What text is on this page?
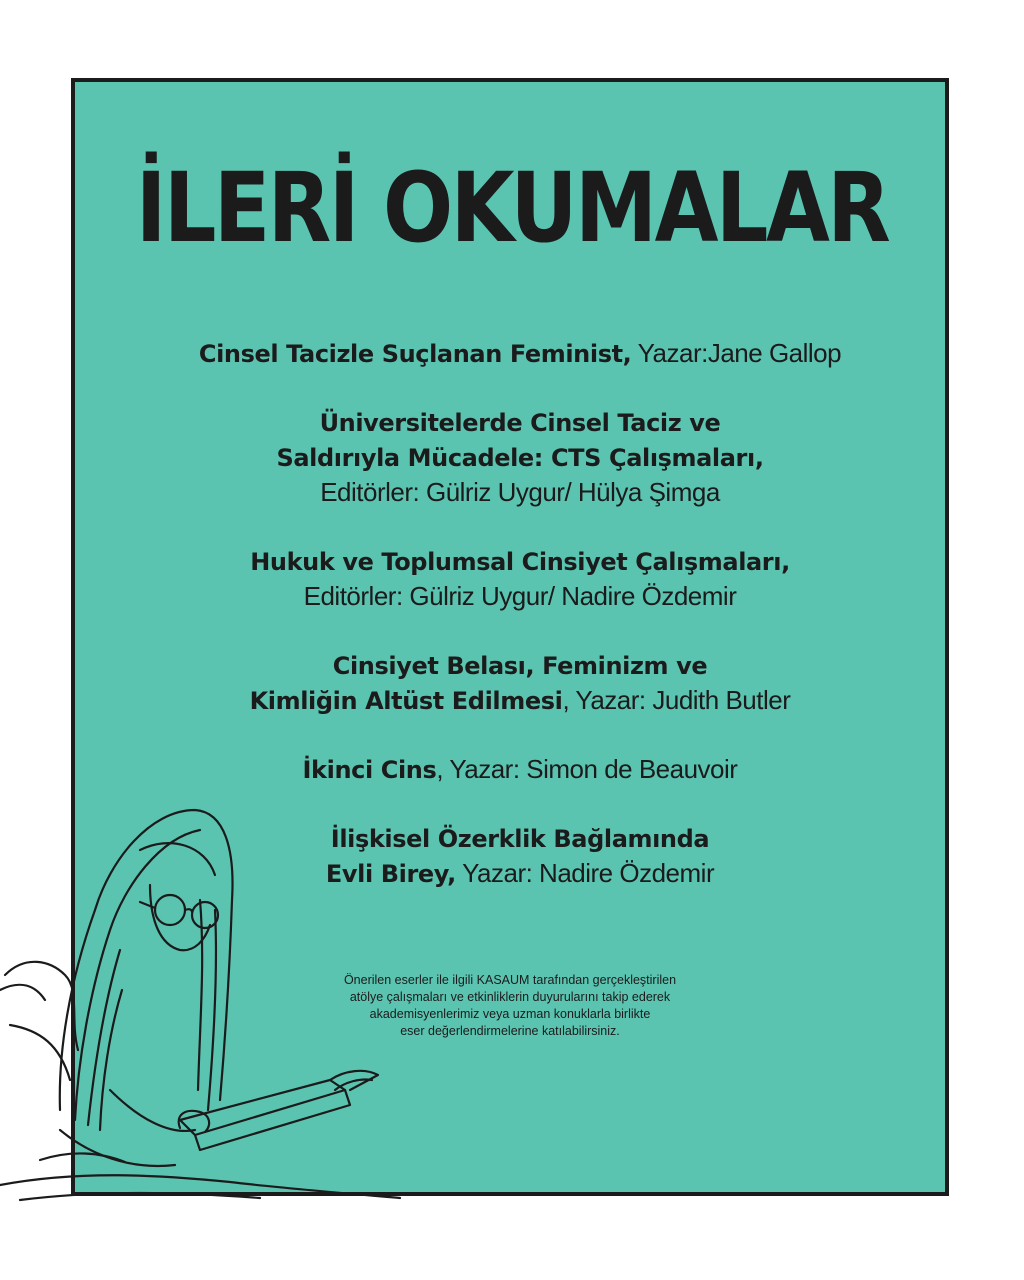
İLERİ OKUMALAR
Cinsel Tacizle Suçlanan Feminist, Yazar:Jane Gallop
Üniversitelerde Cinsel Taciz ve
Saldırıyla Mücadele: CTS Çalışmaları,
Editörler: Gülriz Uygur/ Hülya Şimga
Hukuk ve Toplumsal Cinsiyet Çalışmaları,
Editörler: Gülriz Uygur/ Nadire Özdemir
Cinsiyet Belası, Feminizm ve
Kimliğin Altüst Edilmesi, Yazar: Judith Butler
İkinci Cins, Yazar: Simon de Beauvoir
İlişkisel Özerklik Bağlamında
Evli Birey, Yazar: Nadire Özdemir
Önerilen eserler ile ilgili KASAUM tarafından gerçekleştirilen
atölye çalışmaları ve etkinliklerin duyurularını takip ederek
akademisyenlerimiz veya uzman konuklarla birlikte
eser değerlendirmelerine katılabilirsiniz.
